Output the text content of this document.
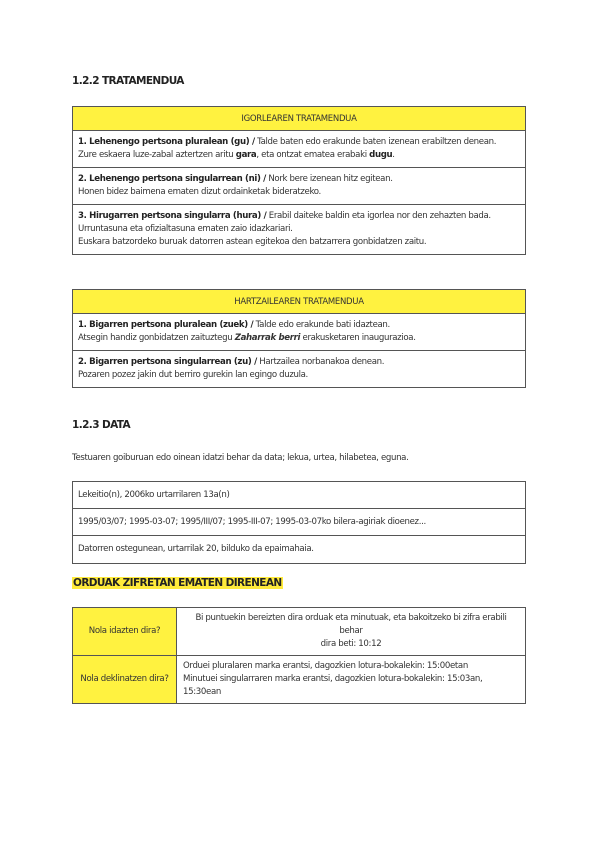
1.2.2 TRATAMENDUA
IGORLEAREN TRATAMENDUA
1. Lehenengo pertsona pluralean (gu) / Talde baten edo erakunde baten izenean erabiltzen denean.
Zure eskaera luze-zabal aztertzen aritu gara, eta ontzat ematea erabaki dugu.
2. Lehenengo pertsona singularrean (ni) / Nork bere izenean hitz egitean.
Honen bidez baimena ematen dizut ordainketak bideratzeko.
3. Hirugarren pertsona singularra (hura) / Erabil daiteke baldin eta igorlea nor den zehazten bada.
Urruntasuna eta ofizialtasuna ematen zaio idazkariari.
Euskara batzordeko buruak datorren astean egitekoa den batzarrera gonbidatzen zaitu.
HARTZAILEAREN TRATAMENDUA
1. Bigarren pertsona pluralean (zuek) / Talde edo erakunde bati idaztean.
Atsegin handiz gonbidatzen zaituztegu Zaharrak berri erakusketaren inaugurazioa.
2. Bigarren pertsona singularrean (zu) / Hartzailea norbanakoa denean.
Pozaren pozez jakin dut berriro gurekin lan egingo duzula.
1.2.3 DATA
Testuaren goiburuan edo oinean idatzi behar da data; lekua, urtea, hilabetea, eguna.
Lekeitio(n), 2006ko urtarrilaren 13a(n)
1995/03/07; 1995-03-07; 1995/III/07; 1995-III-07; 1995-03-07ko bilera-agiriak dioenez...
Datorren ostegunean, urtarrilak 20, bilduko da epaimahaia.
ORDUAK ZIFRETAN EMATEN DIRENEAN
Nola idazten dira?	Bi puntuekin bereizten dira orduak eta minutuak, eta bakoitzeko bi zifra erabili behar
dira beti: 10:12

Nola deklinatzen dira?	Orduei pluralaren marka erantsi, dagozkien lotura-bokalekin: 15:00etan
Minutuei singularraren marka erantsi, dagozkien lotura-bokalekin: 15:03an, 15:30ean
